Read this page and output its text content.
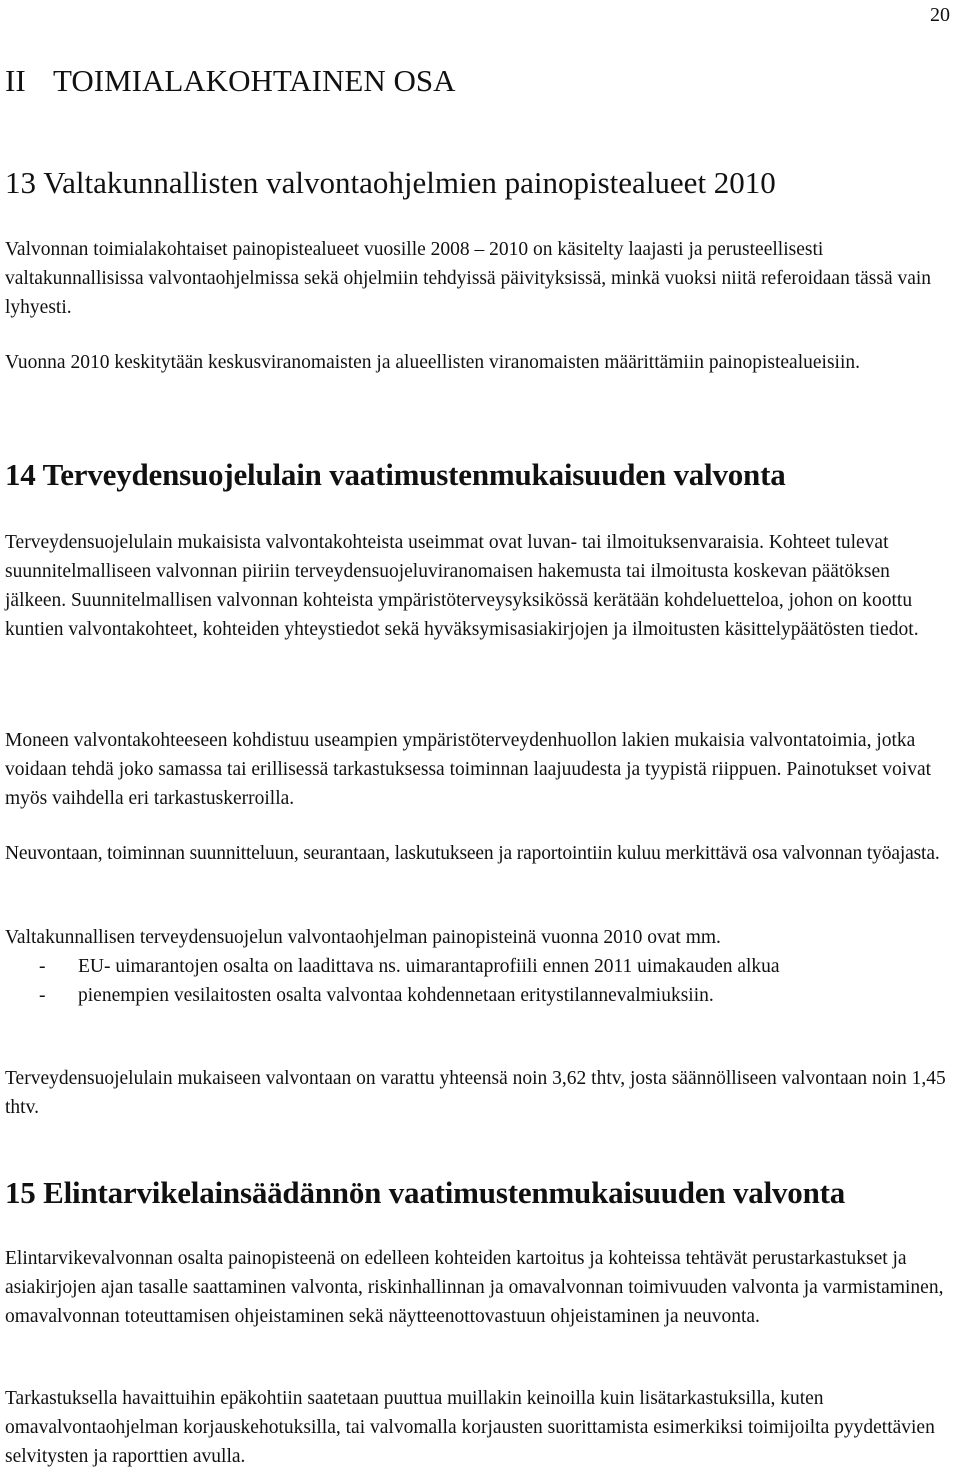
20
II TOIMIALAKOHTAINEN OSA
13 Valtakunnallisten valvontaohjelmien painopistealueet 2010

Valvonnan toimialakohtaiset painopistealueet vuosille 2008 – 2010 on käsitelty laajasti ja perusteellisesti valtakunnallisissa valvontaohjelmissa sekä ohjelmiin tehdyissä päivityksissä, minkä vuoksi niitä referoidaan tässä vain lyhyesti.

Vuonna 2010 keskitytään keskusviranomaisten ja alueellisten viranomaisten määrittämiin painopistealueisiin.

14 Terveydensuojelulain vaatimustenmukaisuuden valvonta

Terveydensuojelulain mukaisista valvontakohteista useimmat ovat luvan- tai ilmoituksenvaraisia. Kohteet tulevat suunnitelmalliseen valvonnan piiriin terveydensuojeluviranomaisen hakemusta tai ilmoitusta koskevan päätöksen jälkeen. Suunnitelmallisen valvonnan kohteista ympäristöterveysyksikössä kerätään kohdeluetteloa, johon on koottu kuntien valvontakohteet, kohteiden yhteystiedot sekä hyväksymisasiakirjojen ja ilmoitusten käsittelypäätösten tiedot.

Moneen valvontakohteeseen kohdistuu useampien ympäristöterveydenhuollon lakien mukaisia valvontatoimia, jotka voidaan tehdä joko samassa tai erillisessä tarkastuksessa toiminnan laajuudesta ja tyypistä riippuen. Painotukset voivat myös vaihdella eri tarkastuskerroilla.

Neuvontaan, toiminnan suunnitteluun, seurantaan, laskutukseen ja raportointiin kuluu merkittävä osa valvonnan työajasta.

Valtakunnallisen terveydensuojelun valvontaohjelman painopisteinä vuonna 2010 ovat mm.

- EU- uimarantojen osalta on laadittava ns. uimarantaprofiili ennen 2011 uimakauden alkua
- pienempien vesilaitosten osalta valvontaa kohdennetaan eritystilannevalmiuksiin.

Terveydensuojelulain mukaiseen valvontaan on varattu yhteensä noin 3,62 thtv, josta säännölliseen valvontaan noin 1,45 thtv.

15 Elintarvikelainsäädännön vaatimustenmukaisuuden valvonta

Elintarvikevalvonnan osalta painopisteenä on edelleen kohteiden kartoitus ja kohteissa tehtävät perustarkastukset ja asiakirjojen ajan tasalle saattaminen valvonta, riskinhallinnan ja omavalvonnan toimivuuden valvonta ja varmistaminen, omavalvonnan toteuttamisen ohjeistaminen sekä näytteenottovastuun ohjeistaminen ja neuvonta.

Tarkastuksella havaittuihin epäkohtiin saatetaan puuttua muillakin keinoilla kuin lisätarkastuksilla, kuten omavalvontaohjelman korjauskehotuksilla, tai valvomalla korjausten suorittamista esimerkiksi toimijoilta pyydettävien selvitysten ja raporttien avulla.
